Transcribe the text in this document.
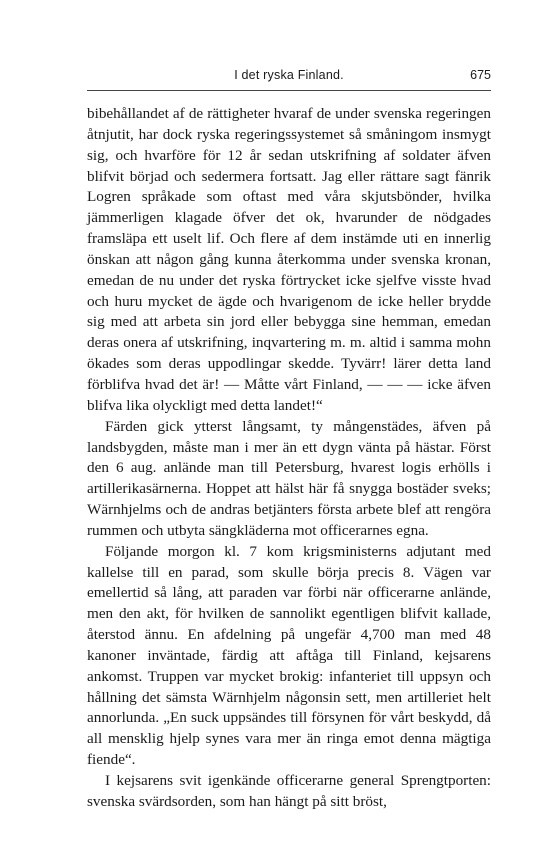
I det ryska Finland.	675

bibehållandet af de rättigheter hvaraf de under svenska regeringen åtnjutit, har dock ryska regeringssystemet så småningom insmygt sig, och hvarföre för 12 år sedan utskrifning af soldater äfven blifvit börjad och sedermera fortsatt. Jag eller rättare sagt fänrik Logren språkade som oftast med våra skjutsbönder, hvilka jämmerligen klagade öfver det ok, hvarunder de nödgades framsläpa ett uselt lif. Och flere af dem instämde uti en innerlig önskan att någon gång kunna återkomma under svenska kronan, emedan de nu under det ryska förtrycket icke sjelfve visste hvad och huru mycket de ägde och hvarigenom de icke heller brydde sig med att arbeta sin jord eller bebygga sine hemman, emedan deras onera af utskrifning, inqvartering m. m. altid i samma mohn ökades som deras uppodlingar skedde. Tyvärr! lärer detta land förblifva hvad det är! — Måtte vårt Finland, — — — icke äfven blifva lika olyckligt med detta landet!“

Färden gick ytterst långsamt, ty mångenstädes, äfven på landsbygden, måste man i mer än ett dygn vänta på hästar. Först den 6 aug. anlände man till Petersburg, hvarest logis erhölls i artillerikasärnerna. Hoppet att hälst här få snygga bostäder sveks; Wärnhjelms och de andras betjänters första arbete blef att rengöra rummen och utbyta sängkläderna mot officerarnes egna.

Följande morgon kl. 7 kom krigsministerns adjutant med kallelse till en parad, som skulle börja precis 8. Vägen var emellertid så lång, att paraden var förbi när officerarne anlände, men den akt, för hvilken de sannolikt egentligen blifvit kallade, återstod ännu. En afdelning på ungefär 4,700 man med 48 kanoner inväntade, färdig att aftåga till Finland, kejsarens ankomst. Truppen var mycket brokig: infanteriet till uppsyn och hållning det sämsta Wärnhjelm någonsin sett, men artilleriet helt annorlunda. „En suck uppsändes till försynen för vårt beskydd, då all mensklig hjelp synes vara mer än ringa emot denna mägtiga fiende“.

I kejsarens svit igenkände officerarne general Sprengtporten: svenska svärdsorden, som han hängt på sitt bröst,
